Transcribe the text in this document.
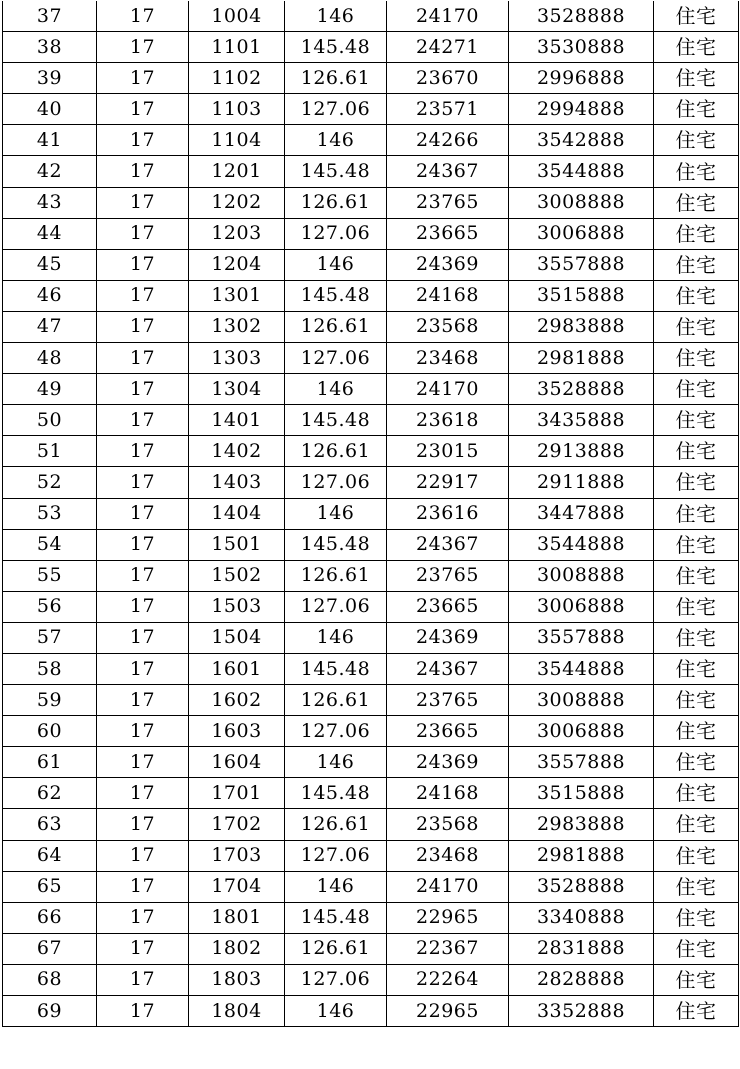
37	17	1004	146	24170	3528888	住宅
38	17	1101	145.48	24271	3530888	住宅
39	17	1102	126.61	23670	2996888	住宅
40	17	1103	127.06	23571	2994888	住宅
41	17	1104	146	24266	3542888	住宅
42	17	1201	145.48	24367	3544888	住宅
43	17	1202	126.61	23765	3008888	住宅
44	17	1203	127.06	23665	3006888	住宅
45	17	1204	146	24369	3557888	住宅
46	17	1301	145.48	24168	3515888	住宅
47	17	1302	126.61	23568	2983888	住宅
48	17	1303	127.06	23468	2981888	住宅
49	17	1304	146	24170	3528888	住宅
50	17	1401	145.48	23618	3435888	住宅
51	17	1402	126.61	23015	2913888	住宅
52	17	1403	127.06	22917	2911888	住宅
53	17	1404	146	23616	3447888	住宅
54	17	1501	145.48	24367	3544888	住宅
55	17	1502	126.61	23765	3008888	住宅
56	17	1503	127.06	23665	3006888	住宅
57	17	1504	146	24369	3557888	住宅
58	17	1601	145.48	24367	3544888	住宅
59	17	1602	126.61	23765	3008888	住宅
60	17	1603	127.06	23665	3006888	住宅
61	17	1604	146	24369	3557888	住宅
62	17	1701	145.48	24168	3515888	住宅
63	17	1702	126.61	23568	2983888	住宅
64	17	1703	127.06	23468	2981888	住宅
65	17	1704	146	24170	3528888	住宅
66	17	1801	145.48	22965	3340888	住宅
67	17	1802	126.61	22367	2831888	住宅
68	17	1803	127.06	22264	2828888	住宅
69	17	1804	146	22965	3352888	住宅
